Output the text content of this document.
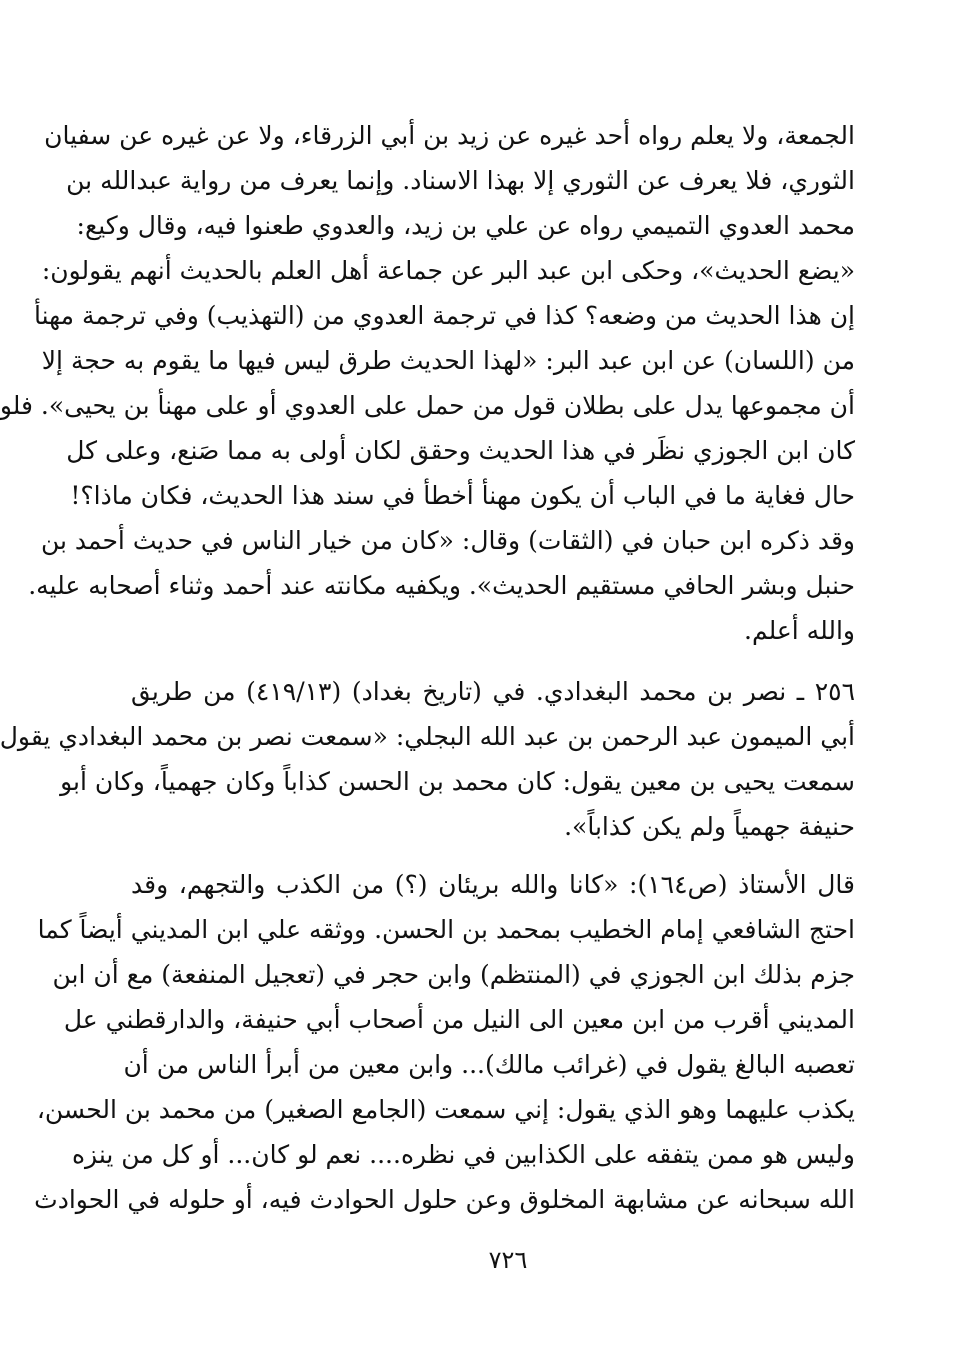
الجمعة، ولا يعلم رواه أحد غيره عن زيد بن أبي الزرقاء، ولا عن غيره عن سفيان
الثوري، فلا يعرف عن الثوري إلا بهذا الاسناد. وإنما يعرف من رواية عبدالله بن
محمد العدوي التميمي رواه عن علي بن زيد، والعدوي طعنوا فيه، وقال وكيع:
«يضع الحديث»، وحكى ابن عبد البر عن جماعة أهل العلم بالحديث أنهم يقولون:
إن هذا الحديث من وضعه؟ كذا في ترجمة العدوي من (التهذيب) وفي ترجمة مهنأ
من (اللسان) عن ابن عبد البر: «لهذا الحديث طرق ليس فيها ما يقوم به حجة إلا
أن مجموعها يدل على بطلان قول من حمل على العدوي أو على مهنأ بن يحيى». فلو
كان ابن الجوزي نظَر في هذا الحديث وحقق لكان أولى به مما صَنع، وعلى كل
حال فغاية ما في الباب أن يكون مهنأ أخطأ في سند هذا الحديث، فكان ماذا؟!
وقد ذكره ابن حبان في (الثقات) وقال: «كان من خيار الناس في حديث أحمد بن
حنبل وبشر الحافي مستقيم الحديث». ويكفيه مكانته عند أحمد وثناء أصحابه عليه.
والله أعلم.
٢٥٦ ـ نصر بن محمد البغدادي. في (تاريخ بغداد) (٤١٩/١٣) من طريق
أبي الميمون عبد الرحمن بن عبد الله البجلي: «سمعت نصر بن محمد البغدادي يقول
سمعت يحيى بن معين يقول: كان محمد بن الحسن كذاباً وكان جهمياً، وكان أبو
حنيفة جهمياً ولم يكن كذاباً».
قال الأستاذ (ص١٦٤): «كانا والله بريئان (؟) من الكذب والتجهم، وقد
احتج الشافعي إمام الخطيب بمحمد بن الحسن. ووثقه علي ابن المديني أيضاً كما
جزم بذلك ابن الجوزي في (المنتظم) وابن حجر في (تعجيل المنفعة) مع أن ابن
المديني أقرب من ابن معين الى النيل من أصحاب أبي حنيفة، والدارقطني عل
تعصبه البالغ يقول في (غرائب مالك)... وابن معين من أبرأ الناس من أن
يكذب عليهما وهو الذي يقول: إني سمعت (الجامع الصغير) من محمد بن الحسن،
وليس هو ممن يتفقه على الكذابين في نظره.... نعم لو كان... أو كل من ينزه
الله سبحانه عن مشابهة المخلوق وعن حلول الحوادث فيه، أو حلوله في الحوادث
٧٢٦
